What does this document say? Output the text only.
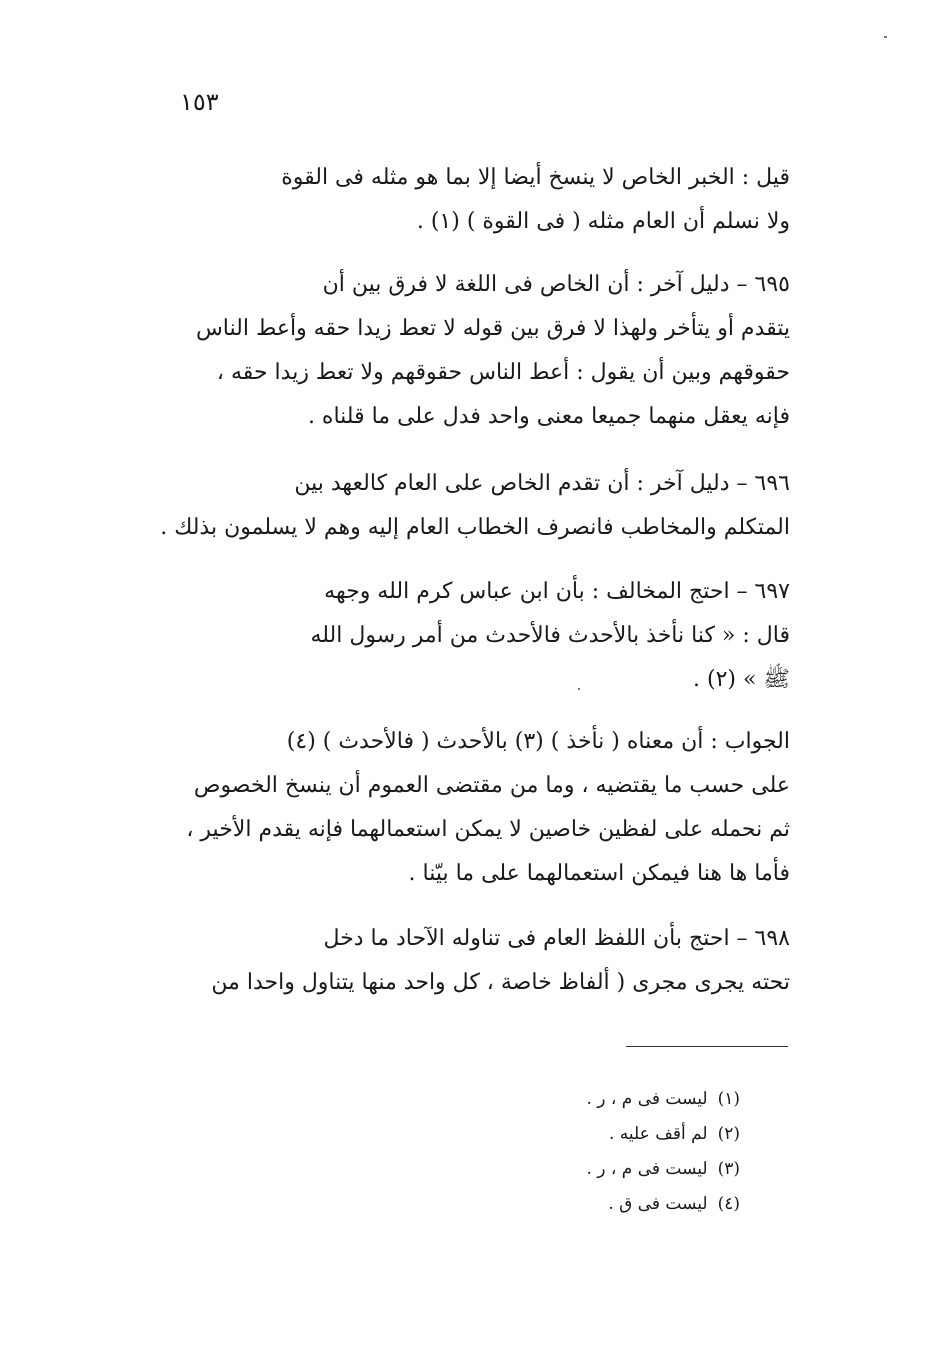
١٥٣
قيل : الخبر الخاص لا ينسخ أيضا إلا بما هو مثله فى القوة
ولا نسلم أن العام مثله ( فى القوة ) (١) .
٦٩٥ – دليل آخر : أن الخاص فى اللغة لا فرق بين أن
يتقدم أو يتأخر ولهذا لا فرق بين قوله لا تعط زيدا حقه وأعط الناس
حقوقهم وبين أن يقول : أعط الناس حقوقهم ولا تعط زيدا حقه ،
فإنه يعقل منهما جميعا معنى واحد فدل على ما قلناه .
٦٩٦ – دليل آخر : أن تقدم الخاص على العام كالعهد بين
المتكلم والمخاطب فانصرف الخطاب العام إليه وهم لا يسلمون بذلك .
٦٩٧ – احتج المخالف : بأن ابن عباس كرم الله وجهه
قال : « كنا نأخذ بالأحدث فالأحدث من أمر رسول الله
ﷺ » (٢) .
الجواب : أن معناه ( نأخذ ) (٣) بالأحدث ( فالأحدث ) (٤)
على حسب ما يقتضيه ، وما من مقتضى العموم أن ينسخ الخصوص
ثم نحمله على لفظين خاصين لا يمكن استعمالهما فإنه يقدم الأخير ،
فأما ها هنا فيمكن استعمالهما على ما بيّنا .
٦٩٨ – احتج بأن اللفظ العام فى تناوله الآحاد ما دخل
تحته يجرى مجرى ( ألفاظ خاصة ، كل واحد منها يتناول واحدا من
(١)ليست فى م ، ر .
(٢)لم أقف عليه .
(٣)ليست فى م ، ر .
(٤)ليست فى ق .
